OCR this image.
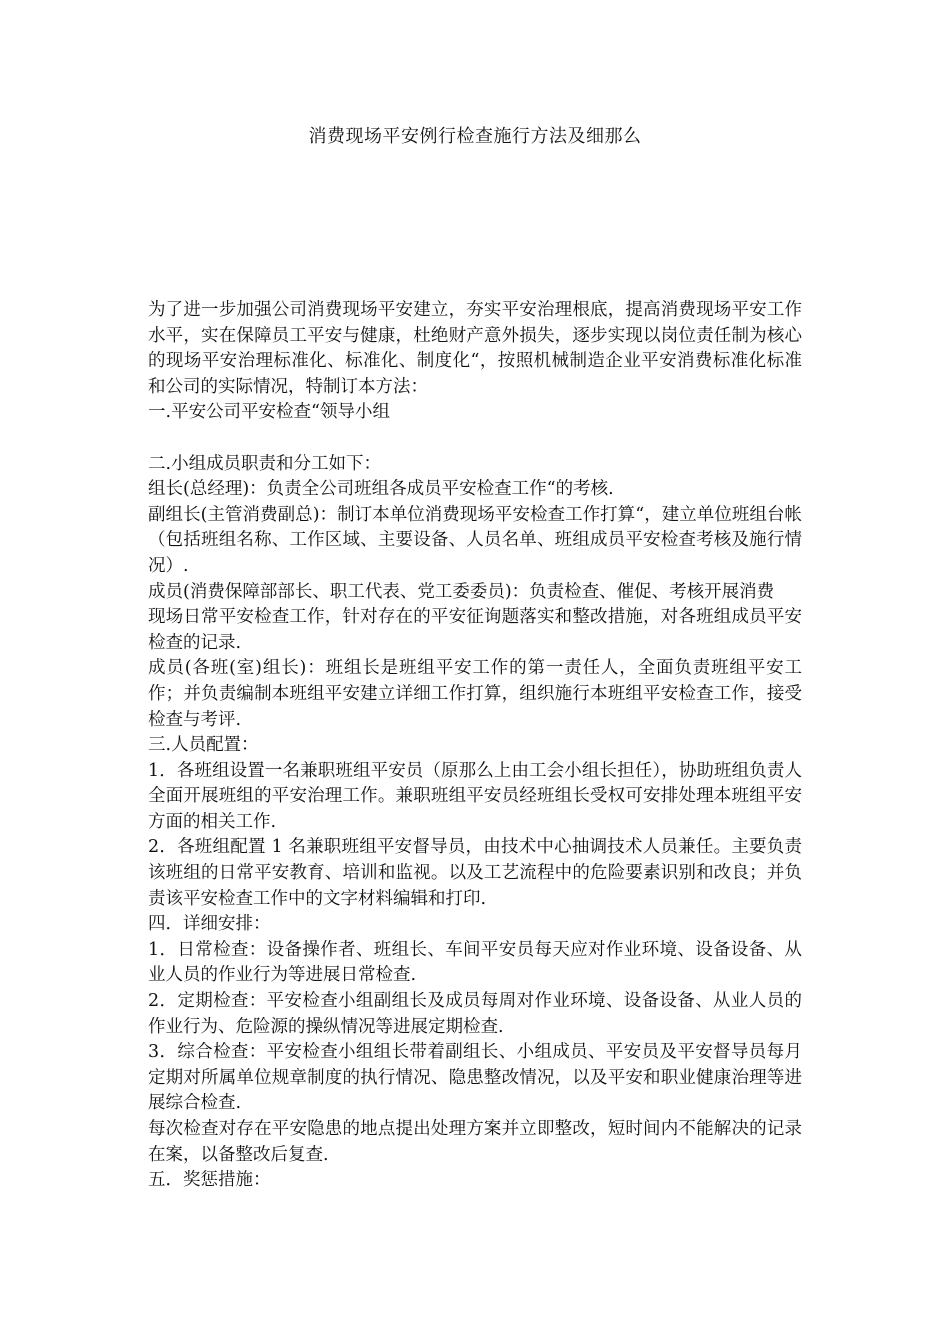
消费现场平安例行检查施行方法及细那么

为了进一步加强公司消费现场平安建立，夯实平安治理根底，提高消费现场平安工作水平，实在保障员工平安与健康，杜绝财产意外损失，逐步实现以岗位责任制为核心的现场平安治理标准化、标准化、制度化“，按照机械制造企业平安消费标准化标准和公司的实际情况，特制订本方法：

一.平安公司平安检查“领导小组

二.小组成员职责和分工如下：

组长(总经理)：负责全公司班组各成员平安检查工作“的考核.

副组长(主管消费副总)：制订本单位消费现场平安检查工作打算“，建立单位班组台帐（包括班组名称、工作区域、主要设备、人员名单、班组成员平安检查考核及施行情况）.

成员(消费保障部部长、职工代表、党工委委员)：负责检查、催促、考核开展消费

现场日常平安检查工作，针对存在的平安征询题落实和整改措施，对各班组成员平安检查的记录.

成员(各班(室)组长)：班组长是班组平安工作的第一责任人，全面负责班组平安工作；并负责编制本班组平安建立详细工作打算，组织施行本班组平安检查工作，接受检查与考评.

三.人员配置：

1．各班组设置一名兼职班组平安员（原那么上由工会小组长担任），协助班组负责人全面开展班组的平安治理工作。兼职班组平安员经班组长受权可安排处理本班组平安方面的相关工作.

2．各班组配置 1 名兼职班组平安督导员，由技术中心抽调技术人员兼任。主要负责该班组的日常平安教育、培训和监视。以及工艺流程中的危险要素识别和改良；并负责该平安检查工作中的文字材料编辑和打印.

四．详细安排：

1．日常检查：设备操作者、班组长、车间平安员每天应对作业环境、设备设备、从业人员的作业行为等进展日常检查.

2．定期检查：平安检查小组副组长及成员每周对作业环境、设备设备、从业人员的作业行为、危险源的操纵情况等进展定期检查.

3．综合检查：平安检查小组组长带着副组长、小组成员、平安员及平安督导员每月定期对所属单位规章制度的执行情况、隐患整改情况，以及平安和职业健康治理等进展综合检查.

每次检查对存在平安隐患的地点提出处理方案并立即整改，短时间内不能解决的记录在案，以备整改后复查.

五．奖惩措施：
